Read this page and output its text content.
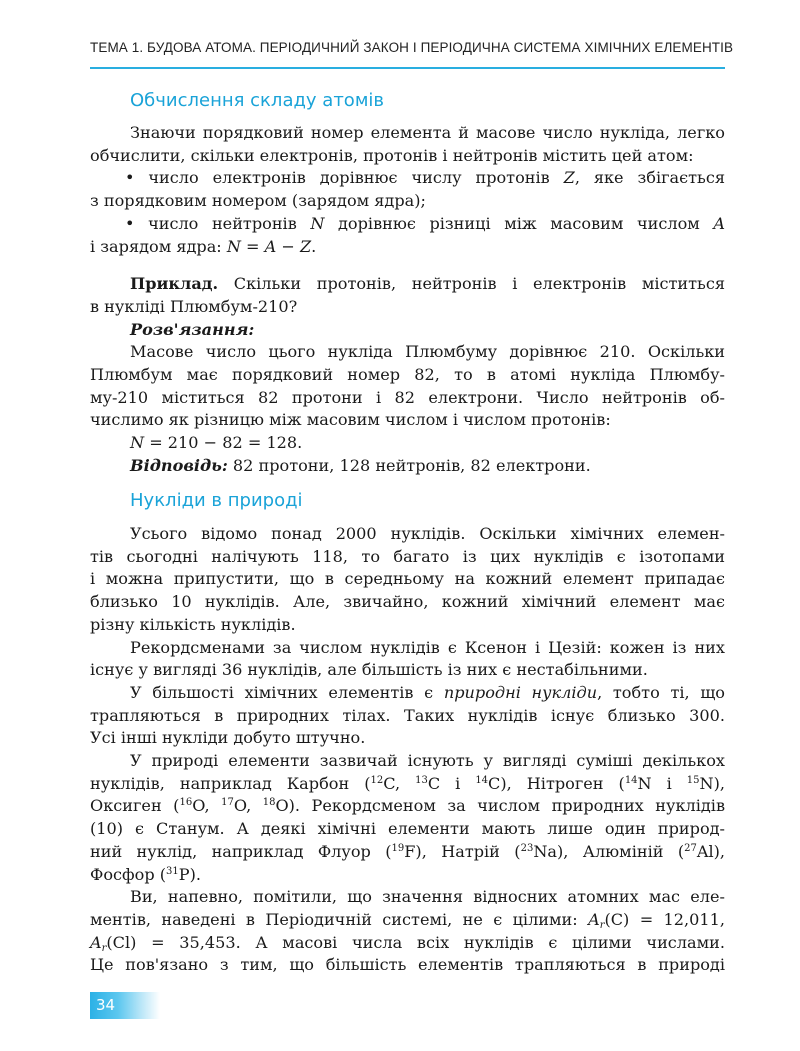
ТЕМА 1. БУДОВА АТОМА. ПЕРІОДИЧНИЙ ЗАКОН І ПЕРІОДИЧНА СИСТЕМА ХІМІЧНИХ ЕЛЕМЕНТІВ
Обчислення складу атомів

Знаючи порядковий номер елемента й масове число нукліда, легко

обчислити, скільки електронів, протонів і нейтронів містить цей атом:

• число електронів дорівнює числу протонів Z, яке збігається

з порядковим номером (зарядом ядра);

• число нейтронів N дорівнює різниці між масовим числом A

і зарядом ядра: N = A − Z.

Приклад. Скільки протонів, нейтронів і електронів міститься

в нукліді Плюмбум-210?

Розв'язання:

Масове число цього нукліда Плюмбуму дорівнює 210. Оскільки

Плюмбум має порядковий номер 82, то в атомі нукліда Плюмбу-

му-210 міститься 82 протони і 82 електрони. Число нейтронів об-

числимо як різницю між масовим числом і числом протонів:

N = 210 − 82 = 128.

Відповідь: 82 протони, 128 нейтронів, 82 електрони.

Нукліди в природі

Усього відомо понад 2000 нуклідів. Оскільки хімічних елемен-

тів сьогодні налічують 118, то багато із цих нуклідів є ізотопами

і можна припустити, що в середньому на кожний елемент припадає

близько 10 нуклідів. Але, звичайно, кожний хімічний елемент має

різну кількість нуклідів.

Рекордсменами за числом нуклідів є Ксенон і Цезій: кожен із них

існує у вигляді 36 нуклідів, але більшість із них є нестабільними.

У більшості хімічних елементів є природні нукліди, тобто ті, що

трапляються в природних тілах. Таких нуклідів існує близько 300.

Усі інші нукліди добуто штучно.

У природі елементи зазвичай існують у вигляді суміші декількох

нуклідів, наприклад Карбон ($^{12}$C, $^{13}$C і $^{14}$C), Нітроген ($^{14}$N і $^{15}$N),

Оксиген ($^{16}$O, $^{17}$O, $^{18}$O). Рекордсменом за числом природних нуклідів

(10) є Станум. А деякі хімічні елементи мають лише один природ-

ний нуклід, наприклад Флуор ($^{19}$F), Натрій ($^{23}$Na), Алюміній ($^{27}$Al),

Фосфор ($^{31}$P).

Ви, напевно, помітили, що значення відносних атомних мас еле-

ментів, наведені в Періодичній системі, не є цілими: $A_r(C) = 12,011$,

$A_r(Cl) = 35,453$. А масові числа всіх нуклідів є цілими числами.

Це пов'язано з тим, що більшість елементів трапляються в природі

34
